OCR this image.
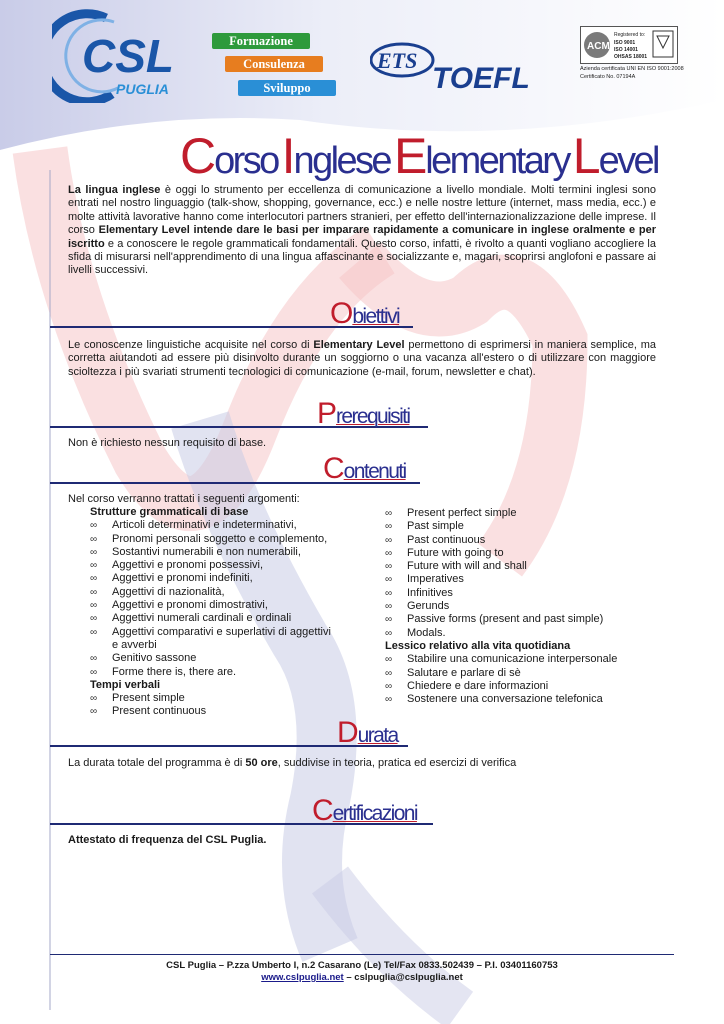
CSL
PUGLIA
Formazione
Consulenza
Sviluppo
ETS
TOEFL
ACM
Registered to:
ISO 9001
ISO 14001
OHSAS 18001
Azienda certificata UNI EN ISO 9001:2008
Certificato No. 07194A
CorsoIngleseElementaryLevel

La lingua inglese è oggi lo strumento per eccellenza di comunicazione a livello mondiale. Molti termini inglesi sono entrati nel nostro linguaggio (talk-show, shopping, governance, ecc.) e nelle nostre letture (internet, mass media, ecc.) e molte attività lavorative hanno come interlocutori partners stranieri, per effetto dell'internazionalizzazione delle imprese. Il corso Elementary Level intende dare le basi per imparare rapidamente a comunicare in inglese oralmente e per iscritto e a conoscere le regole grammaticali fondamentali. Questo corso, infatti, è rivolto a quanti vogliano accogliere la sfida di misurarsi nell'apprendimento di una lingua affascinante e socializzante e, magari, scoprirsi anglofoni e passare ai livelli successivi.

Obiettivi

Le conoscenze linguistiche acquisite nel corso di Elementary Level permettono di esprimersi in maniera semplice, ma corretta aiutandoti ad essere più disinvolto durante un soggiorno o una vacanza all'estero o di utilizzare con maggiore scioltezza i più svariati strumenti tecnologici di comunicazione (e-mail, forum, newsletter e chat).

Prerequisiti

Non è richiesto nessun requisito di base.

Contenuti

Nel corso verranno trattati i seguenti argomenti:

Strutture grammaticali di base
∞ Articoli determinativi e indeterminativi,
∞ Pronomi personali soggetto e complemento,
∞ Sostantivi numerabili e non numerabili,
∞ Aggettivi e pronomi possessivi,
∞ Aggettivi e pronomi indefiniti,
∞ Aggettivi di nazionalità,
∞ Aggettivi e pronomi dimostrativi,
∞ Aggettivi numerali cardinali e ordinali
∞ Aggettivi comparativi e superlativi di aggettivi e avverbi
∞ Genitivo sassone
∞ Forme there is, there are.
Tempi verbali
∞ Present simple
∞ Present continuous
∞ Present perfect simple
∞ Past simple
∞ Past continuous
∞ Future with going to
∞ Future with will and shall
∞ Imperatives
∞ Infinitives
∞ Gerunds
∞ Passive forms (present and past simple)
∞ Modals.
Lessico relativo alla vita quotidiana
∞ Stabilire una comunicazione interpersonale
∞ Salutare e parlare di sè
∞ Chiedere e dare informazioni
∞ Sostenere una conversazione telefonica
Durata

La durata totale del programma è di 50 ore, suddivise in teoria, pratica ed esercizi di verifica

Certificazioni

Attestato di frequenza del CSL Puglia.

CSL Puglia – P.zza Umberto I, n.2 Casarano (Le) Tel/Fax 0833.502439 – P.I. 03401160753
www.cslpuglia.net – cslpuglia@cslpuglia.net
